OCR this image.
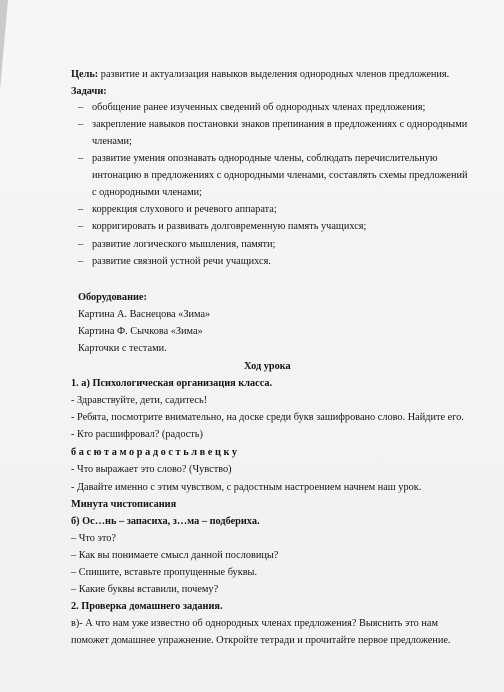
Цель: развитие и актуализация навыков выделения однородных членов предложения.
Задачи:
– обобщение ранее изученных сведений об однородных членах предложения;
– закрепление навыков постановки знаков препинания в предложениях с однородными
членами;
– развитие умения опознавать однородные члены, соблюдать перечислительную
интонацию в предложениях с однородными членами, составлять схемы предложений
с однородными членами;
– коррекция слухового и речевого аппарата;
– корригировать и развивать долговременную память учащихся;
– развитие логического мышления, памяти;
– развитие связной устной речи учащихся.
Оборудование:
Картина А. Васнецова «Зима»
Картина Ф. Сычкова «Зима»
Карточки с тестами.
Ход урока
1. а) Психологическая организация класса.
- Здравствуйте, дети, садитесь!
- Ребята, посмотрите внимательно, на доске среди букв зашифровано слово. Найдите его.
- Кто расшифровал? (радость)
басютаморадостьлвецку
- Что выражает это слово? (Чувство)
- Давайте именно с этим чувством, с радостным настроением начнем наш урок.
Минута чистописания
б) Ос…нь – запасиха, з…ма – подбериха.
– Что это?
– Как вы понимаете смысл данной пословицы?
– Спишите, вставьте пропущенные буквы.
– Какие буквы вставили, почему?
2. Проверка домашнего задания.
в)- А что нам уже известно об однородных членах предложения? Выяснить это нам
поможет домашнее упражнение. Откройте тетради и прочитайте первое предложение.
